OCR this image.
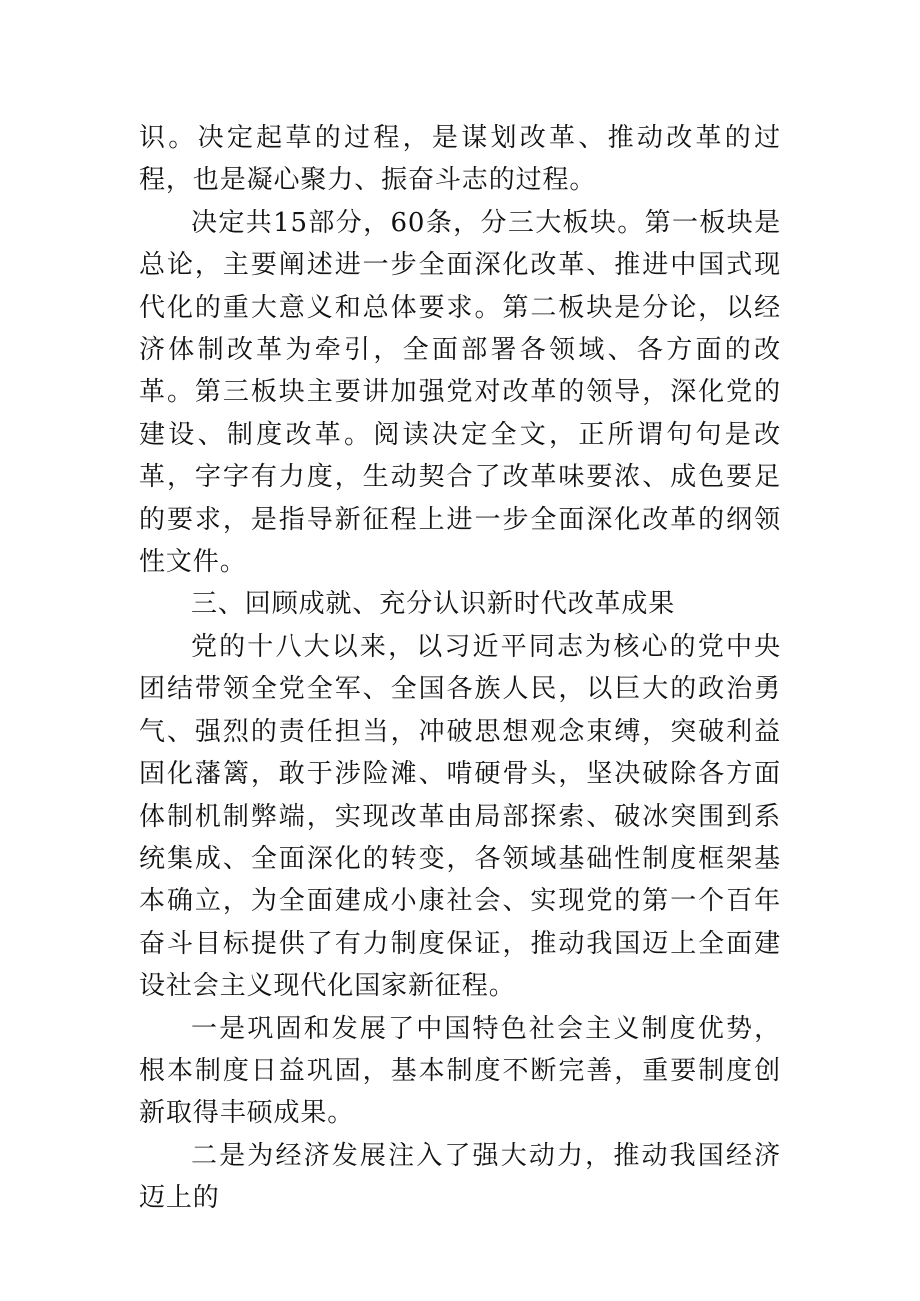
识。决定起草的过程，是谋划改革、推动改革的过程，也是凝心聚力、振奋斗志的过程。

决定共15部分，60条，分三大板块。第一板块是总论，主要阐述进一步全面深化改革、推进中国式现代化的重大意义和总体要求。第二板块是分论，以经济体制改革为牵引，全面部署各领域、各方面的改革。第三板块主要讲加强党对改革的领导，深化党的建设、制度改革。阅读决定全文，正所谓句句是改革，字字有力度，生动契合了改革味要浓、成色要足的要求，是指导新征程上进一步全面深化改革的纲领性文件。

三、回顾成就、充分认识新时代改革成果

党的十八大以来，以习近平同志为核心的党中央团结带领全党全军、全国各族人民，以巨大的政治勇气、强烈的责任担当，冲破思想观念束缚，突破利益固化藩篱，敢于涉险滩、啃硬骨头，坚决破除各方面体制机制弊端，实现改革由局部探索、破冰突围到系统集成、全面深化的转变，各领域基础性制度框架基本确立，为全面建成小康社会、实现党的第一个百年奋斗目标提供了有力制度保证，推动我国迈上全面建设社会主义现代化国家新征程。

一是巩固和发展了中国特色社会主义制度优势，根本制度日益巩固，基本制度不断完善，重要制度创新取得丰硕成果。

二是为经济发展注入了强大动力，推动我国经济迈上的
